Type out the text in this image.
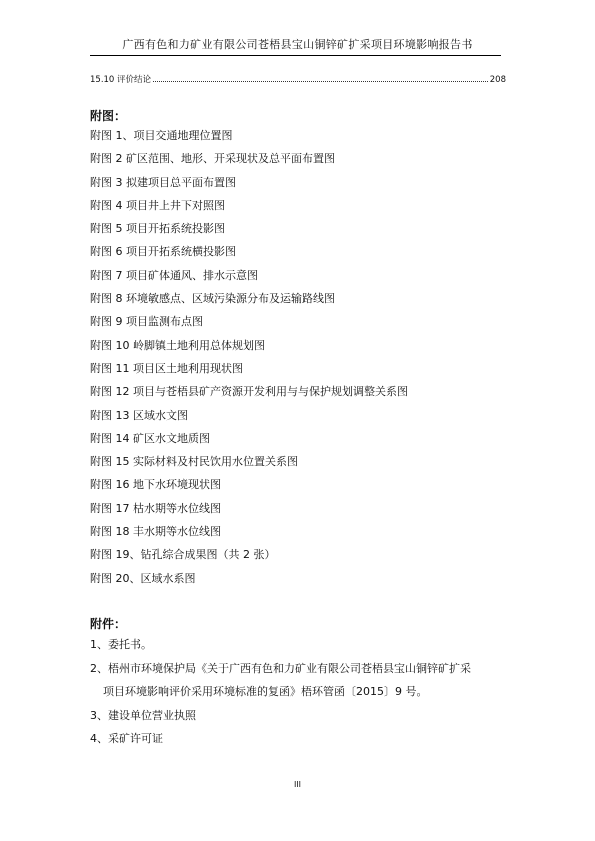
广西有色和力矿业有限公司苍梧县宝山铜锌矿扩采项目环境影响报告书
15.10 评价结论	208
附图：
附图 1、项目交通地理位置图
附图 2 矿区范围、地形、开采现状及总平面布置图
附图 3 拟建项目总平面布置图
附图 4 项目井上井下对照图
附图 5 项目开拓系统投影图
附图 6 项目开拓系统横投影图
附图 7 项目矿体通风、排水示意图
附图 8 环境敏感点、区域污染源分布及运输路线图
附图 9 项目监测布点图
附图 10 岭脚镇土地利用总体规划图
附图 11 项目区土地利用现状图
附图 12 项目与苍梧县矿产资源开发利用与与保护规划调整关系图
附图 13 区域水文图
附图 14 矿区水文地质图
附图 15 实际材料及村民饮用水位置关系图
附图 16 地下水环境现状图
附图 17 枯水期等水位线图
附图 18 丰水期等水位线图
附图 19、钻孔综合成果图（共 2 张）
附图 20、区域水系图
附件：
1、委托书。
2、梧州市环境保护局《关于广西有色和力矿业有限公司苍梧县宝山铜锌矿扩采
项目环境影响评价采用环境标准的复函》梧环管函〔2015〕9 号。
3、建设单位营业执照
4、采矿许可证
III
